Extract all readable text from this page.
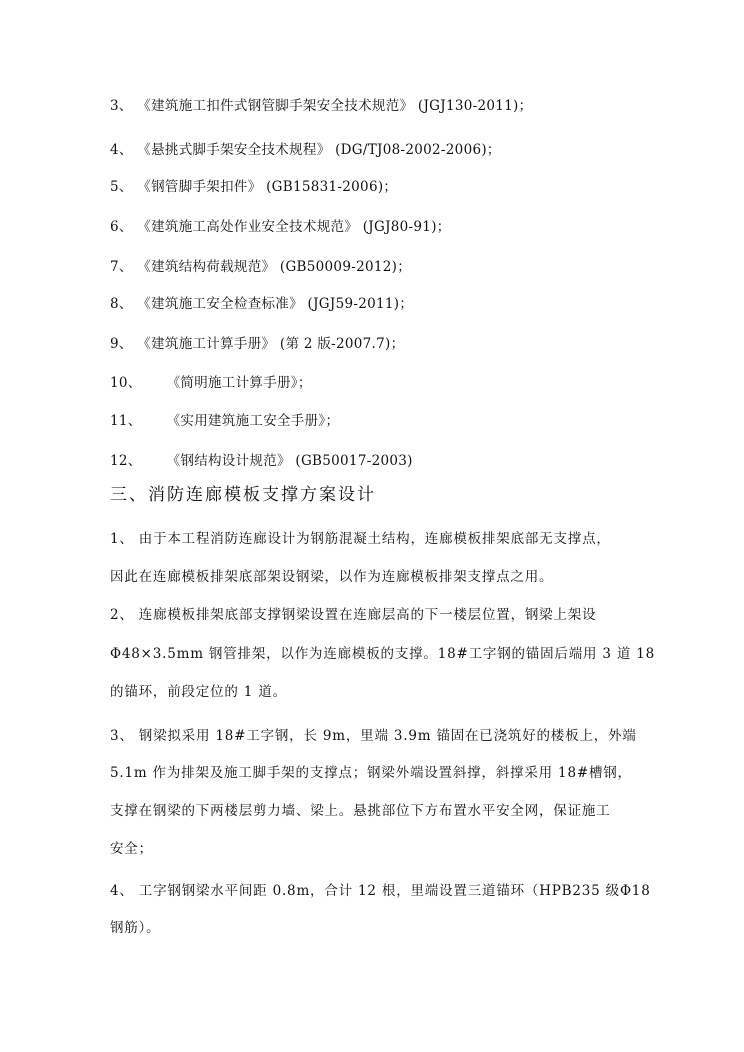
3、 《建筑施工扣件式钢管脚手架安全技术规范》 (JGJ130-2011)；
4、 《悬挑式脚手架安全技术规程》 (DG/TJ08-2002-2006)；
5、 《钢管脚手架扣件》 (GB15831-2006)；
6、 《建筑施工高处作业安全技术规范》 (JGJ80-91)；
7、 《建筑结构荷载规范》 (GB50009-2012)；
8、 《建筑施工安全检查标准》 (JGJ59-2011)；
9、 《建筑施工计算手册》 (第 2 版-2007.7)；
10、 《简明施工计算手册》；
11、 《实用建筑施工安全手册》；
12、 《钢结构设计规范》 (GB50017-2003)
三、消防连廊模板支撑方案设计
1、 由于本工程消防连廊设计为钢筋混凝土结构，连廊模板排架底部无支撑点，
因此在连廊模板排架底部架设钢梁，以作为连廊模板排架支撑点之用。
2、 连廊模板排架底部支撑钢梁设置在连廊层高的下一楼层位置，钢梁上架设
Φ48×3.5mm 钢管排架，以作为连廊模板的支撑。18#工字钢的锚固后端用 3 道 18
的锚环，前段定位的 1 道。
3、 钢梁拟采用 18#工字钢，长 9m，里端 3.9m 锚固在已浇筑好的楼板上，外端
5.1m 作为排架及施工脚手架的支撑点；钢梁外端设置斜撑，斜撑采用 18#槽钢，
支撑在钢梁的下两楼层剪力墙、梁上。悬挑部位下方布置水平安全网，保证施工
安全；
4、 工字钢钢梁水平间距 0.8m，合计 12 根，里端设置三道锚环（HPB235 级Φ18
钢筋）。
